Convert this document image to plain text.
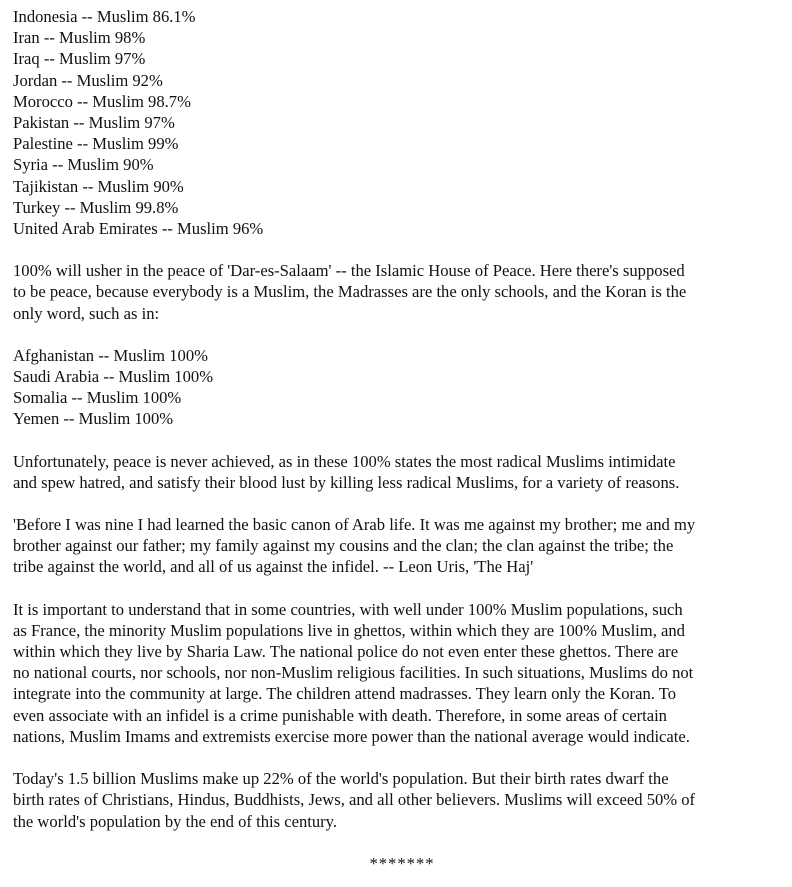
Indonesia -- Muslim 86.1%
Iran -- Muslim 98%
Iraq -- Muslim 97%
Jordan -- Muslim 92%
Morocco -- Muslim 98.7%
Pakistan -- Muslim 97%
Palestine -- Muslim 99%
Syria -- Muslim 90%
Tajikistan -- Muslim 90%
Turkey -- Muslim 99.8%
United Arab Emirates -- Muslim 96%

100% will usher in the peace of 'Dar-es-Salaam' -- the Islamic House of Peace. Here there's supposed
to be peace, because everybody is a Muslim, the Madrasses are the only schools, and the Koran is the
only word, such as in:

Afghanistan -- Muslim 100%
Saudi Arabia -- Muslim 100%
Somalia -- Muslim 100%
Yemen -- Muslim 100%

Unfortunately, peace is never achieved, as in these 100% states the most radical Muslims intimidate
and spew hatred, and satisfy their blood lust by killing less radical Muslims, for a variety of reasons.

'Before I was nine I had learned the basic canon of Arab life. It was me against my brother; me and my
brother against our father; my family against my cousins and the clan; the clan against the tribe; the
tribe against the world, and all of us against the infidel. -- Leon Uris, 'The Haj'

It is important to understand that in some countries, with well under 100% Muslim populations, such
as France, the minority Muslim populations live in ghettos, within which they are 100% Muslim, and
within which they live by Sharia Law. The national police do not even enter these ghettos. There are
no national courts, nor schools, nor non-Muslim religious facilities. In such situations, Muslims do not
integrate into the community at large. The children attend madrasses. They learn only the Koran. To
even associate with an infidel is a crime punishable with death. Therefore, in some areas of certain
nations, Muslim Imams and extremists exercise more power than the national average would indicate.

Today's 1.5 billion Muslims make up 22% of the world's population. But their birth rates dwarf the
birth rates of Christians, Hindus, Buddhists, Jews, and all other believers. Muslims will exceed 50% of
the world's population by the end of this century.

*******
